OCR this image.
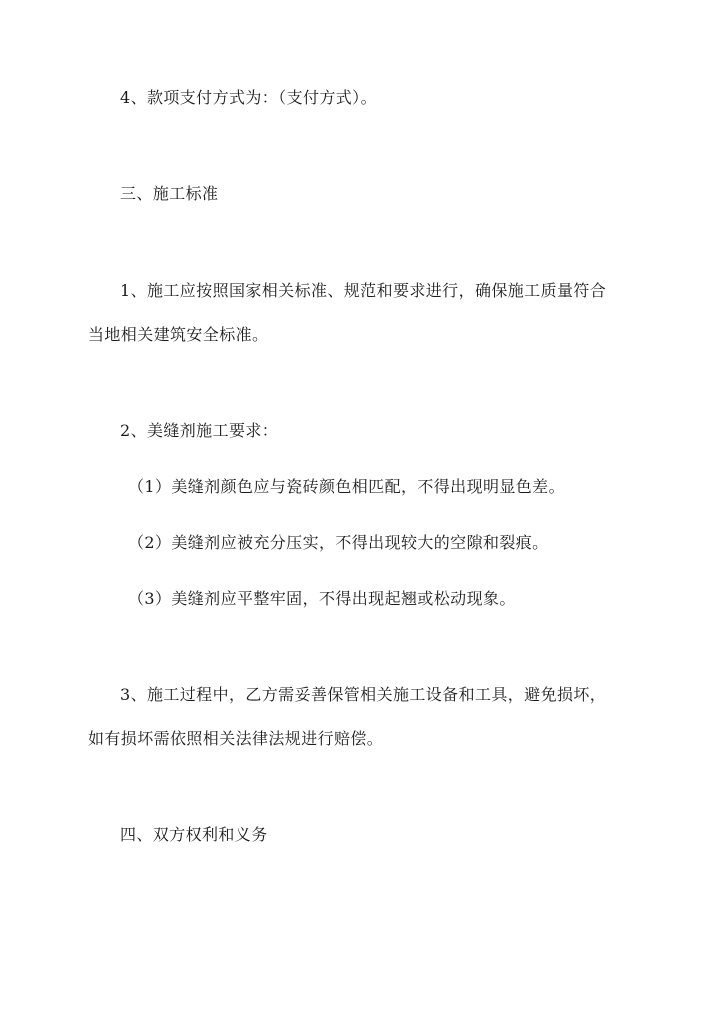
4、款项支付方式为：（支付方式）。
三、施工标准
1、施工应按照国家相关标准、规范和要求进行，确保施工质量符合
当地相关建筑安全标准。
2、美缝剂施工要求：
（1）美缝剂颜色应与瓷砖颜色相匹配，不得出现明显色差。
（2）美缝剂应被充分压实，不得出现较大的空隙和裂痕。
（3）美缝剂应平整牢固，不得出现起翘或松动现象。
3、施工过程中，乙方需妥善保管相关施工设备和工具，避免损坏，
如有损坏需依照相关法律法规进行赔偿。
四、双方权利和义务
